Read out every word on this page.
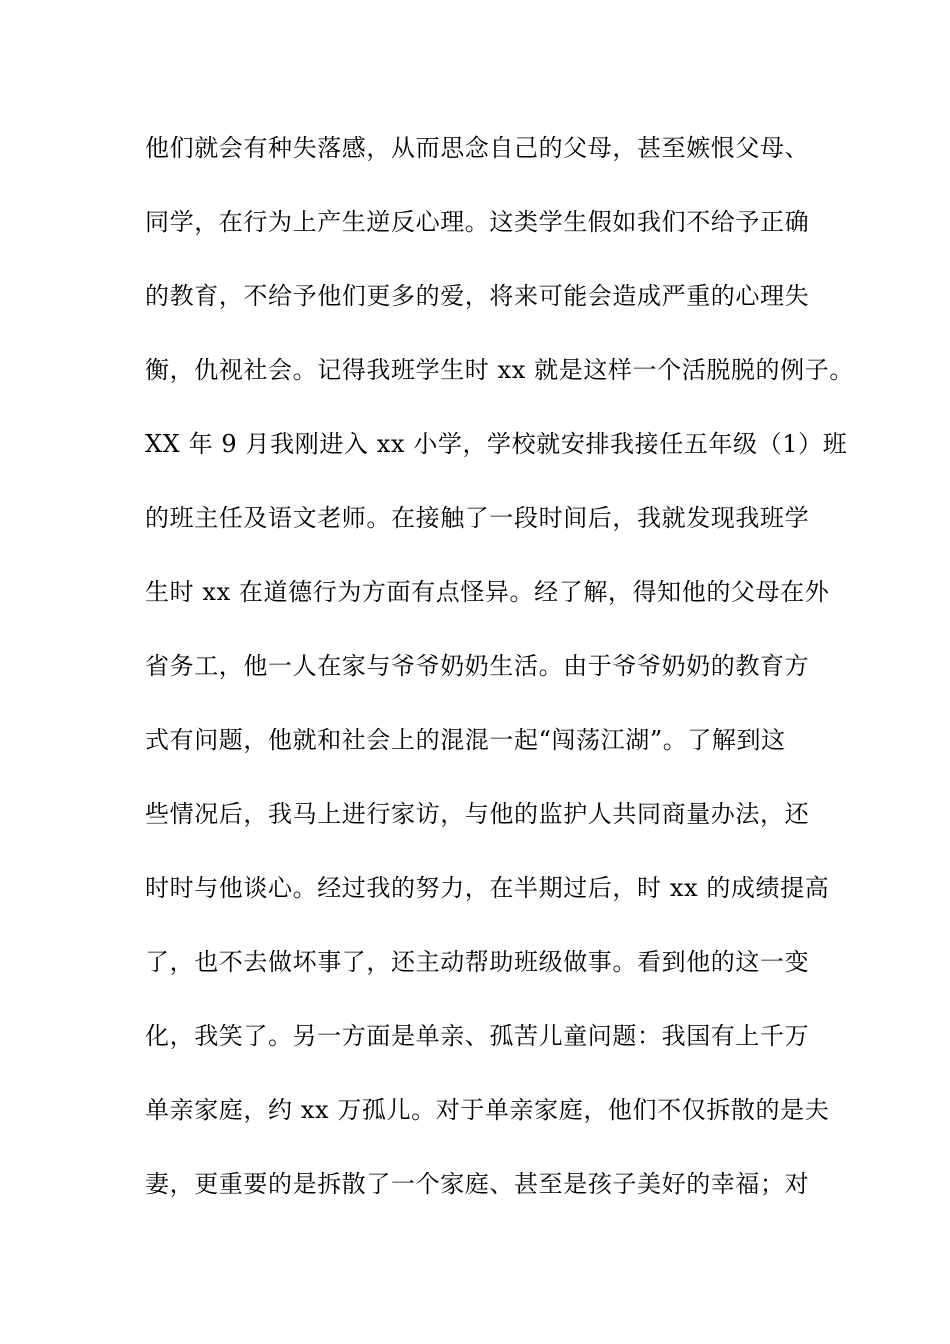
他们就会有种失落感，从而思念自己的父母，甚至嫉恨父母、
同学，在行为上产生逆反心理。这类学生假如我们不给予正确
的教育，不给予他们更多的爱，将来可能会造成严重的心理失
衡，仇视社会。记得我班学生时 xx 就是这样一个活脱脱的例子。
XX 年 9 月我刚进入 xx 小学，学校就安排我接任五年级（1）班
的班主任及语文老师。在接触了一段时间后，我就发现我班学
生时 xx 在道德行为方面有点怪异。经了解，得知他的父母在外
省务工，他一人在家与爷爷奶奶生活。由于爷爷奶奶的教育方
式有问题，他就和社会上的混混一起“闯荡江湖”。了解到这
些情况后，我马上进行家访，与他的监护人共同商量办法，还
时时与他谈心。经过我的努力，在半期过后，时 xx 的成绩提高
了，也不去做坏事了，还主动帮助班级做事。看到他的这一变
化，我笑了。另一方面是单亲、孤苦儿童问题：我国有上千万
单亲家庭，约 xx 万孤儿。对于单亲家庭，他们不仅拆散的是夫
妻，更重要的是拆散了一个家庭、甚至是孩子美好的幸福；对
